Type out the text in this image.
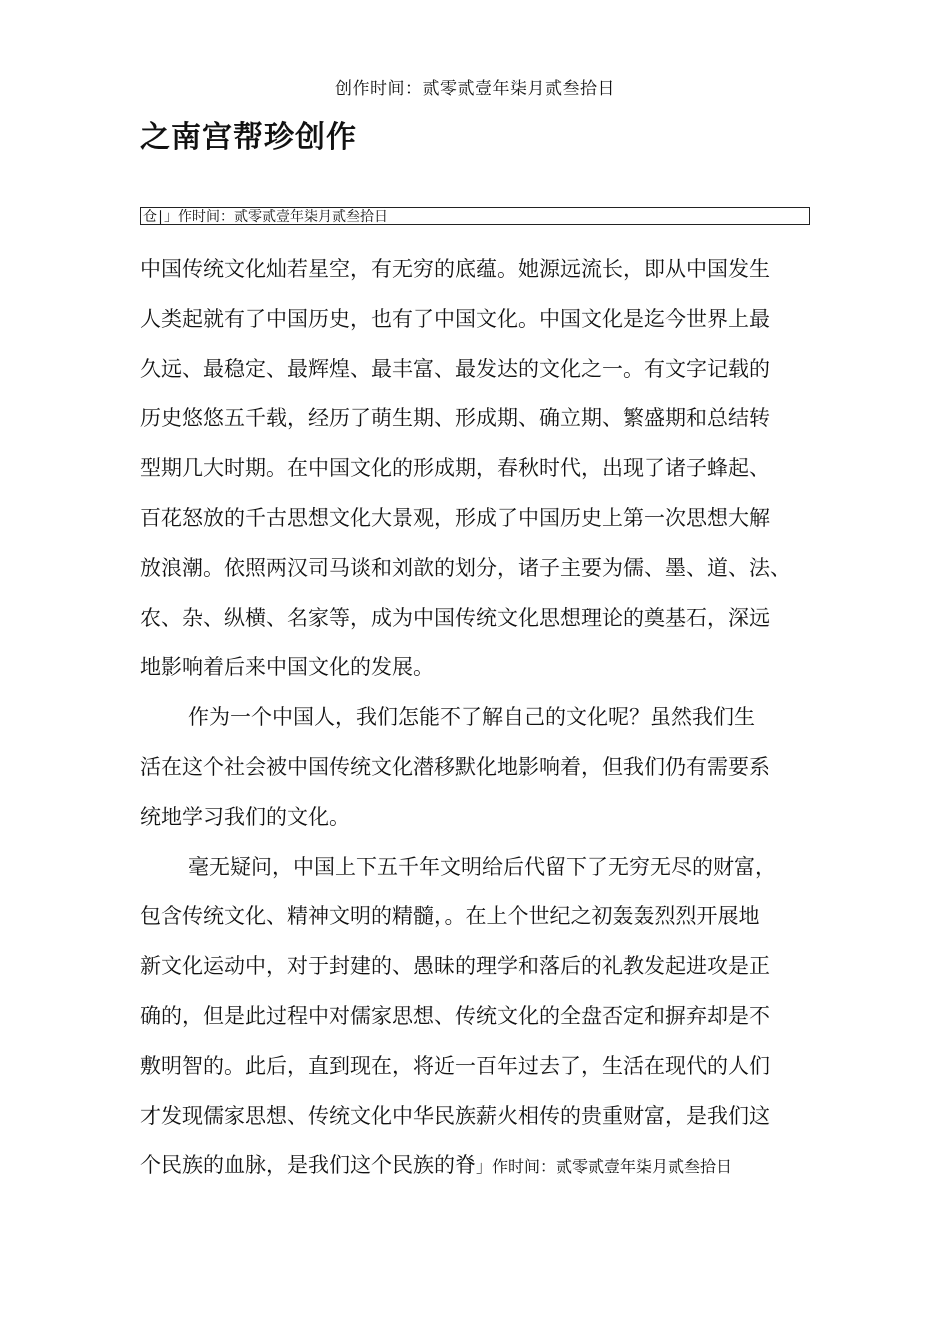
创作时间：贰零贰壹年柒月贰叁拾日
之南宫帮珍创作
仓∣」作时间：贰零贰壹年柒月贰叁拾日
中国传统文化灿若星空，有无穷的底蕴。她源远流长，即从中国发生
人类起就有了中国历史，也有了中国文化。中国文化是迄今世界上最
久远、最稳定、最辉煌、最丰富、最发达的文化之一。有文字记载的
历史悠悠五千载，经历了萌生期、形成期、确立期、繁盛期和总结转
型期几大时期。在中国文化的形成期，春秋时代，出现了诸子蜂起、
百花怒放的千古思想文化大景观，形成了中国历史上第一次思想大解
放浪潮。依照两汉司马谈和刘歆的划分，诸子主要为儒、墨、道、法、
农、杂、纵横、名家等，成为中国传统文化思想理论的奠基石，深远
地影响着后来中国文化的发展。
作为一个中国人，我们怎能不了解自己的文化呢？虽然我们生
活在这个社会被中国传统文化潜移默化地影响着，但我们仍有需要系
统地学习我们的文化。
毫无疑问，中国上下五千年文明给后代留下了无穷无尽的财富，
包含传统文化、精神文明的精髓，。在上个世纪之初轰轰烈烈开展地
新文化运动中，对于封建的、愚昧的理学和落后的礼教发起进攻是正
确的，但是此过程中对儒家思想、传统文化的全盘否定和摒弃却是不
敷明智的。此后，直到现在，将近一百年过去了，生活在现代的人们
才发现儒家思想、传统文化中华民族薪火相传的贵重财富，是我们这
个民族的血脉，是我们这个民族的脊」作时间：贰零贰壹年柒月贰叁拾日
